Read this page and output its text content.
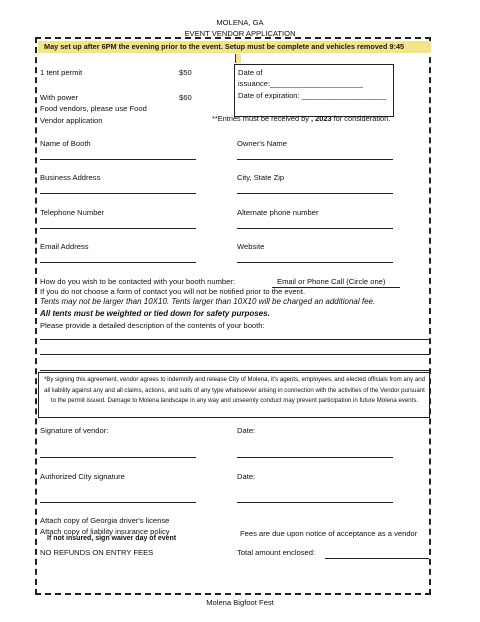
MOLENA, GA
EVENT VENDOR APPLICATION
May set up after 6PM the evening prior to the event. Setup must be complete and vehicles removed 9:45
1 tent permit	$50
With power	$60
Food vendors, please use Food
Vendor application
Date of
issuance:______________________
Date of expiration: ____________________
**Entries must be received by , 2023 for consideration.
Name of Booth	Owner's Name
Business Address	City, State Zip
Telephone Number	Alternate phone number
Email Address	Website
How do you wish to be contacted with your booth number:	Email or Phone Call (Circle one)
If you do not choose a form of contact you will not be notified prior to the event.
Tents may not be larger than 10X10. Tents larger than 10X10 will be charged an additional fee.
All tents must be weighted or tied down for safety purposes.
Please provide a detailed description of the contents of your booth:
*By signing this agreement, vendor agrees to indemnify and release City of Molena, it's agents, employees, and elected officials from any and all liability against any and all claims, actions, and suits of any type whatsoever arising in connection with the activities of the Vendor pursuant to the permit issued. Damage to Molena landscape in any way and unseemly conduct may prevent participation in future Molena events.
Signature of vendor:	Date:
Authorized City signature	Date:
Attach copy of Georgia driver's license
Attach copy of liability insurance policy
If not insured, sign waiver day of event
Fees are due upon notice of acceptance as a vendor
NO REFUNDS ON ENTRY FEES	Total amount enclosed:
Molena Bigfoot Fest
